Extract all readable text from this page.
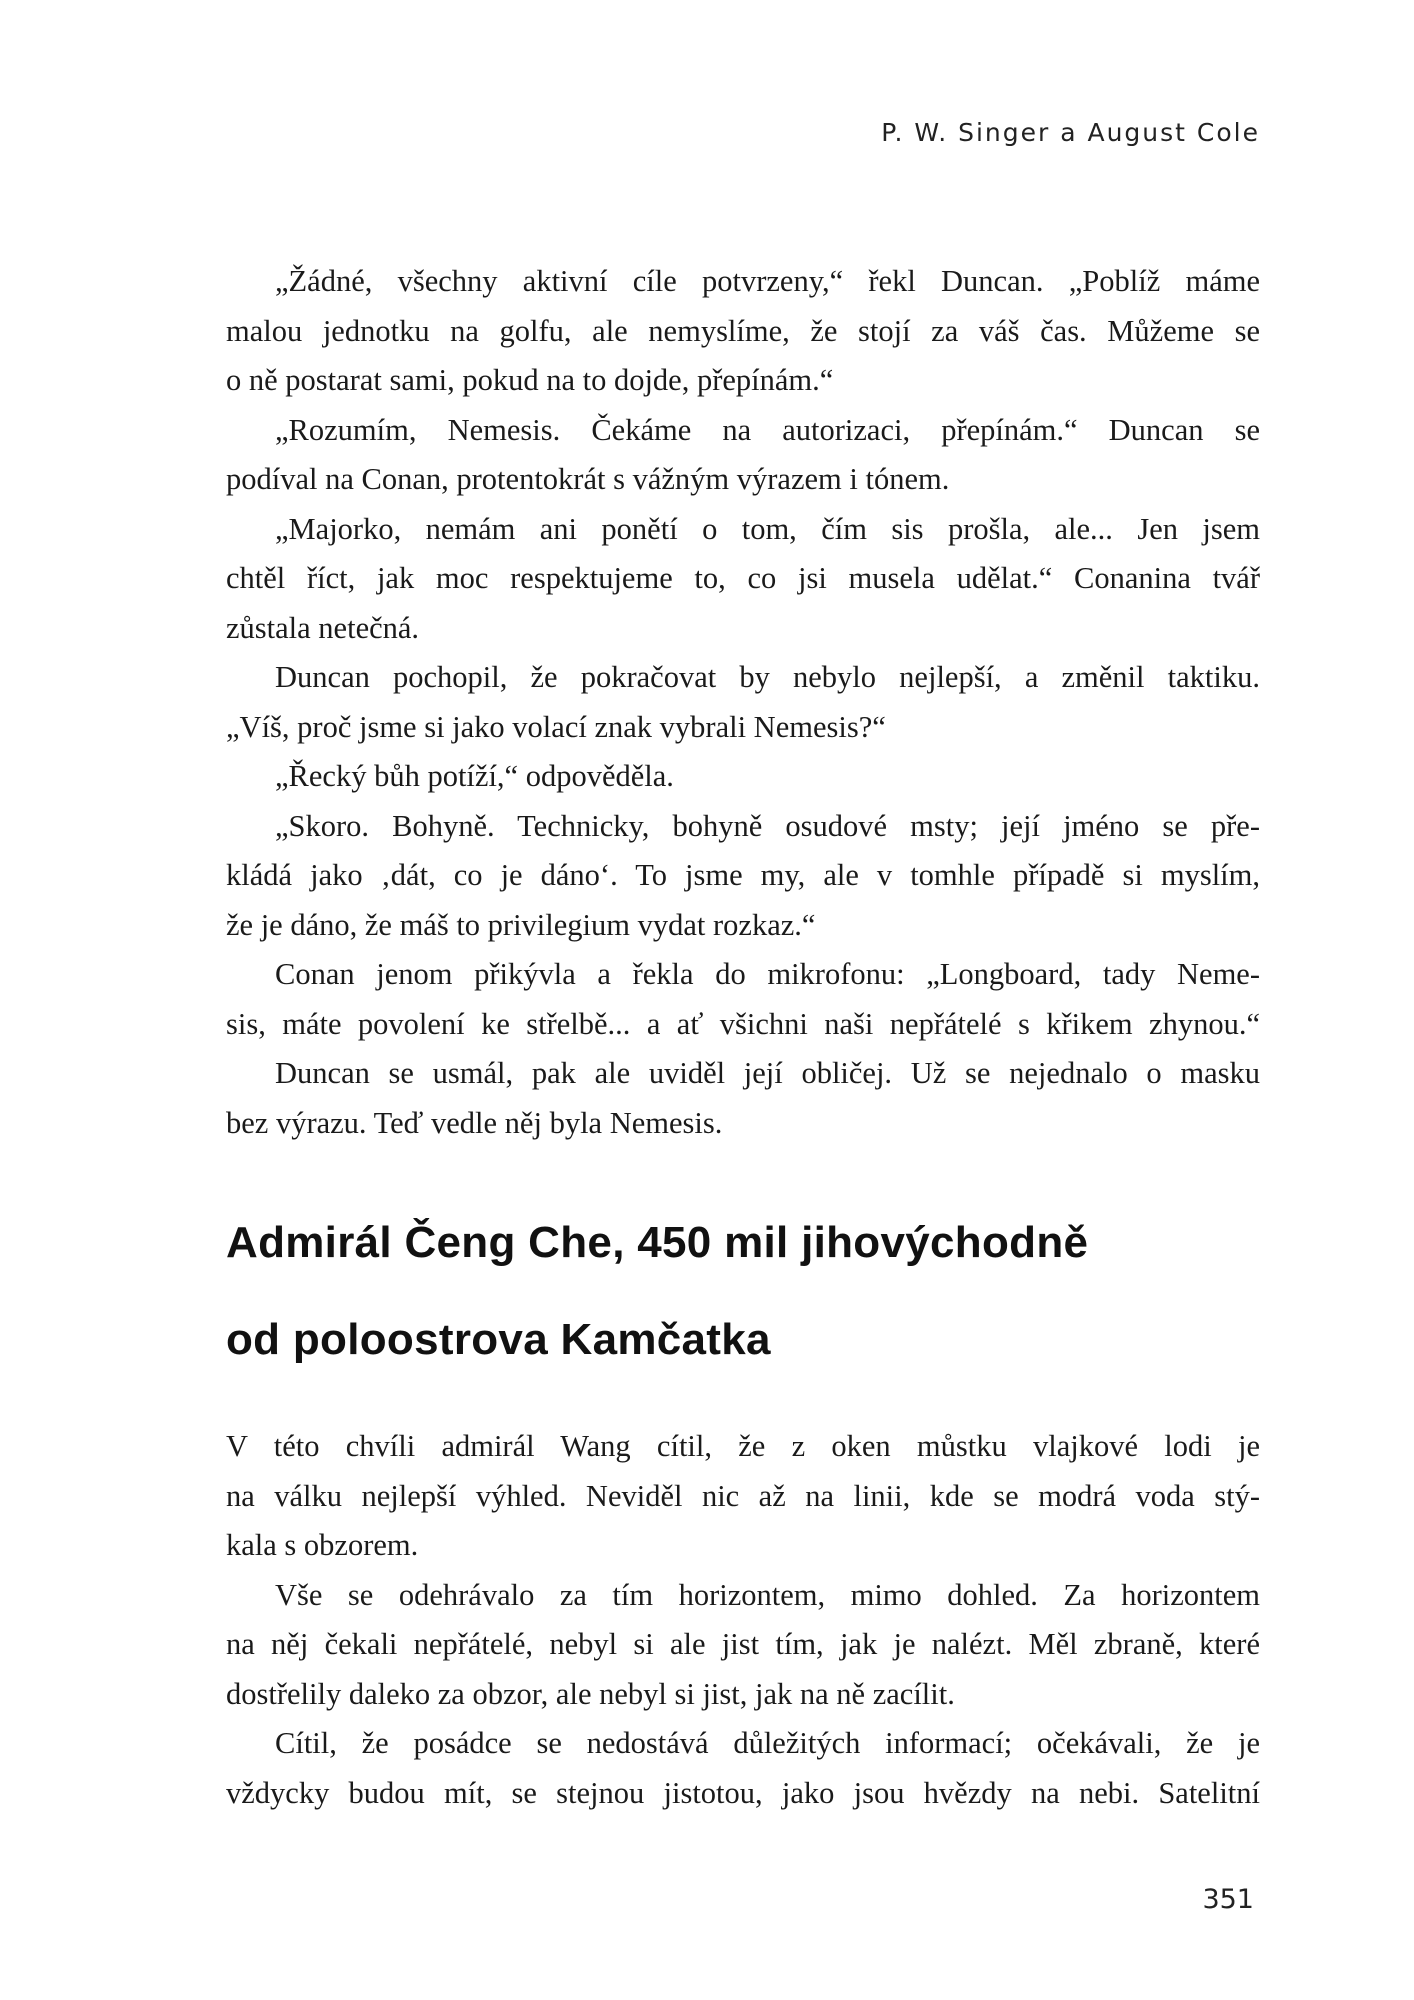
P. W. Singer a August Cole
„Žádné, všechny aktivní cíle potvrzeny,“ řekl Duncan. „Poblíž máme
malou jednotku na golfu, ale nemyslíme, že stojí za váš čas. Můžeme se
o ně postarat sami, pokud na to dojde, přepínám.“
„Rozumím, Nemesis. Čekáme na autorizaci, přepínám.“ Duncan se
podíval na Conan, protentokrát s vážným výrazem i tónem.
„Majorko, nemám ani ponětí o tom, čím sis prošla, ale... Jen jsem
chtěl říct, jak moc respektujeme to, co jsi musela udělat.“ Conanina tvář
zůstala netečná.
Duncan pochopil, že pokračovat by nebylo nejlepší, a změnil taktiku.
„Víš, proč jsme si jako volací znak vybrali Nemesis?“
„Řecký bůh potíží,“ odpověděla.
„Skoro. Bohyně. Technicky, bohyně osudové msty; její jméno se pře-
kládá jako ‚dát, co je dáno‘. To jsme my, ale v tomhle případě si myslím,
že je dáno, že máš to privilegium vydat rozkaz.“
Conan jenom přikývla a řekla do mikrofonu: „Longboard, tady Neme-
sis, máte povolení ke střelbě... a ať všichni naši nepřátelé s křikem zhynou.“
Duncan se usmál, pak ale uviděl její obličej. Už se nejednalo o masku
bez výrazu. Teď vedle něj byla Nemesis.
Admirál Čeng Che, 450 mil jihovýchodně
od poloostrova Kamčatka
V této chvíli admirál Wang cítil, že z oken můstku vlajkové lodi je
na válku nejlepší výhled. Neviděl nic až na linii, kde se modrá voda stý-
kala s obzorem.
Vše se odehrávalo za tím horizontem, mimo dohled. Za horizontem
na něj čekali nepřátelé, nebyl si ale jist tím, jak je nalézt. Měl zbraně, které
dostřelily daleko za obzor, ale nebyl si jist, jak na ně zacílit.
Cítil, že posádce se nedostává důležitých informací; očekávali, že je
vždycky budou mít, se stejnou jistotou, jako jsou hvězdy na nebi. Satelitní
351
